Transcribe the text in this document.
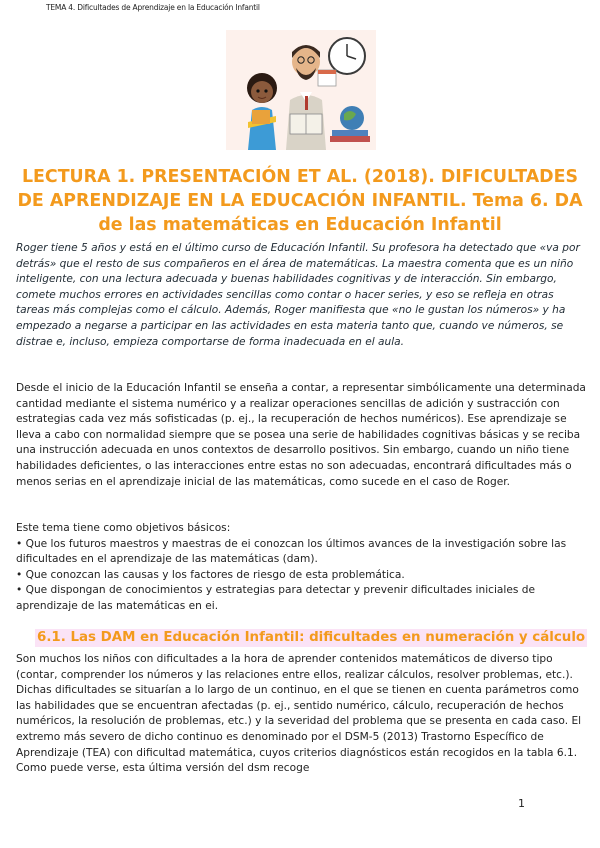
TEMA 4. Dificultades de Aprendizaje en la Educación Infantil
LECTURA 1. PRESENTACIÓN ET AL. (2018). DIFICULTADES DE APRENDIZAJE EN LA EDUCACIÓN INFANTIL. Tema 6. DA de las matemáticas en Educación Infantil

Roger tiene 5 años y está en el último curso de Educación Infantil. Su profesora ha detectado que «va por detrás» que el resto de sus compañeros en el área de matemáticas. La maestra comenta que es un niño inteligente, con una lectura adecuada y buenas habilidades cognitivas y de interacción. Sin embargo, comete muchos errores en actividades sencillas como contar o hacer series, y eso se refleja en otras tareas más complejas como el cálculo. Además, Roger manifiesta que «no le gustan los números» y ha empezado a negarse a participar en las actividades en esta materia tanto que, cuando ve números, se distrae e, incluso, empieza comportarse de forma inadecuada en el aula.

Desde el inicio de la Educación Infantil se enseña a contar, a representar simbólicamente una determinada cantidad mediante el sistema numérico y a realizar operaciones sencillas de adición y sustracción con estrategias cada vez más sofisticadas (p. ej., la recuperación de hechos numéricos). Ese aprendizaje se lleva a cabo con normalidad siempre que se posea una serie de habilidades cognitivas básicas y se reciba una instrucción adecuada en unos contextos de desarrollo positivos. Sin embargo, cuando un niño tiene habilidades deficientes, o las interacciones entre estas no son adecuadas, encontrará dificultades más o menos serias en el aprendizaje inicial de las matemáticas, como sucede en el caso de Roger.

Este tema tiene como objetivos básicos:
• Que los futuros maestros y maestras de ei conozcan los últimos avances de la investigación sobre las dificultades en el aprendizaje de las matemáticas (dam).
• Que conozcan las causas y los factores de riesgo de esta problemática.
• Que dispongan de conocimientos y estrategias para detectar y prevenir dificultades iniciales de aprendizaje de las matemáticas en ei.
6.1. Las DAM en Educación Infantil: dificultades en numeración y cálculo

Son muchos los niños con dificultades a la hora de aprender contenidos matemáticos de diverso tipo (contar, comprender los números y las relaciones entre ellos, realizar cálculos, resolver problemas, etc.). Dichas dificultades se situarían a lo largo de un continuo, en el que se tienen en cuenta parámetros como las habilidades que se encuentran afectadas (p. ej., sentido numérico, cálculo, recuperación de hechos numéricos, la resolución de problemas, etc.) y la severidad del problema que se presenta en cada caso. El extremo más severo de dicho continuo es denominado por el DSM-5 (2013) Trastorno Específico de Aprendizaje (TEA) con dificultad matemática, cuyos criterios diagnósticos están recogidos en la tabla 6.1. Como puede verse, esta última versión del dsm recoge

1
